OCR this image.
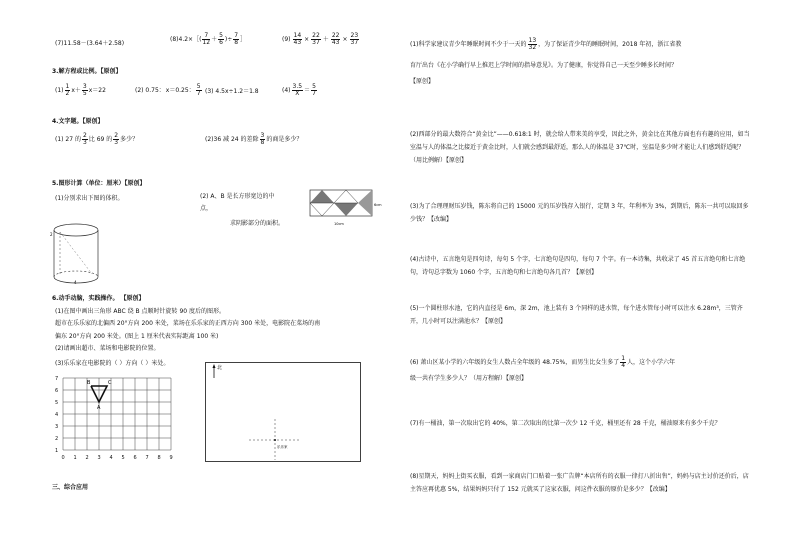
(7)11.58－(3.64＋2.58)
(8)4.2×［( $\frac{7}{12} + \frac{5}{6}$ )÷ $\frac{7}{8}$ ］	$(9) \frac{14}{43} \times \frac{22}{37} + \frac{22}{43} \times \frac{23}{37}$
3.解方程或比例。【原创】
$(1) \frac{1}{2} x+ \frac{3}{5} x=22$	(2) 0.75： x＝0.25： $\frac{5}{7} (3)$ 4.5x÷1.2＝1.8	$(4) \frac{3.5}{X} = \frac{5}{7}$
4.文字题。【原创】
(1) 27 的 $\frac{2}{3}$ 比 69 的 $\frac{2}{3}$ 多少？	(2)36 减 24 的差除 $\frac{3}{8}$ 的商是多少？
5.图形计算（单位：厘米）【原创】
(1)分别求出下图的体积。	(2) A、B 是长方形宽边的中
点，
求阴影部分的面积。
2
4
6cm
10cm
6.动手动脑，实践操作。 【原创】
(1)在图中画出三角形 ABC 绕 B 点顺时针旋转 90 度后的图形。
超市在乐乐家的北偏西 20°方向 200 米处，菜场在乐乐家的正西方向 300 米处，电影院在菜场的南
偏东 20°方向 200 米处。(图上 1 厘米代表实际距离 100 米)
(2)请画出超市、菜场和电影院的位置。
(3)乐乐家在电影院的（ ）方向（ ）米处。
0 1 2 3 4 5 6 7 8 9
7
6
5
4
3
2
1
B	C
A
北
乐乐家
三、综合应用
(1)科学家建议青少年睡眠时间不少于一天的 $\frac{13}{32}$ ，为了保证青少年的睡眠时间，2018 年初，浙江省教
育厅出台《在小学确行早上推迟上学时间的指导意见》。为了健康，你觉得自己一天至少睡多长时间？
【原创】
(2)西部分的最大数符合“黄金比”——0.618:1 时，就会给人带来美的享受，因此之外，黄金比在其他方面也有有趣的应用，如当室温与人的体温之比接近于黄金比时，人们就会感到最舒适，那么人的体温是 37℃时，室温是多少时才能让人们感到舒适呢？（用比例解）【原创】
(3)为了合理理财压岁钱，陈东将自己的 15000 元的压岁钱存入银行，定期 3 年，年利率为 3%，到期后，陈东一共可以取回多少钱？【改编】
(4)古诗中，五言绝句是四句诗，每句 5 个字，七言绝句是四句，每句 7 个字。有一本诗集，共收录了 45 首五言绝句和七言绝句，诗句总字数为 1060 个字，五言绝句和七言绝句各几首？【原创】
(5)一个圆柱形水池，它的内直径是 6m，深 2m，池上装有 3 个同样的进水管，每个进水管每小时可以注水 6.28m³，三管齐开，几小时可以注满池水？【原创】
(6) 萧山区某小学的六年级的女生人数占全年级的 48.75%，而男生比女生多了 $\frac{1}{4}$ 人，这个小学六年
级一共有学生多少人？（用方程解）【原创】
(7)有一桶油，第一次取出它的 40%，第二次取出的比第一次少 12 千克，桶里还有 28 千克，桶油原来有多少千克？
(8)星期天，妈妈上街买衣服，看到一家商店门口贴着一张广告牌“本店所有的衣服一律打八折出售”，妈妈与店主讨价还价后，店主答应再优惠 5%，结果妈妈只付了 152 元就买了这家衣服，问这件衣服的原价是多少？【改编】
